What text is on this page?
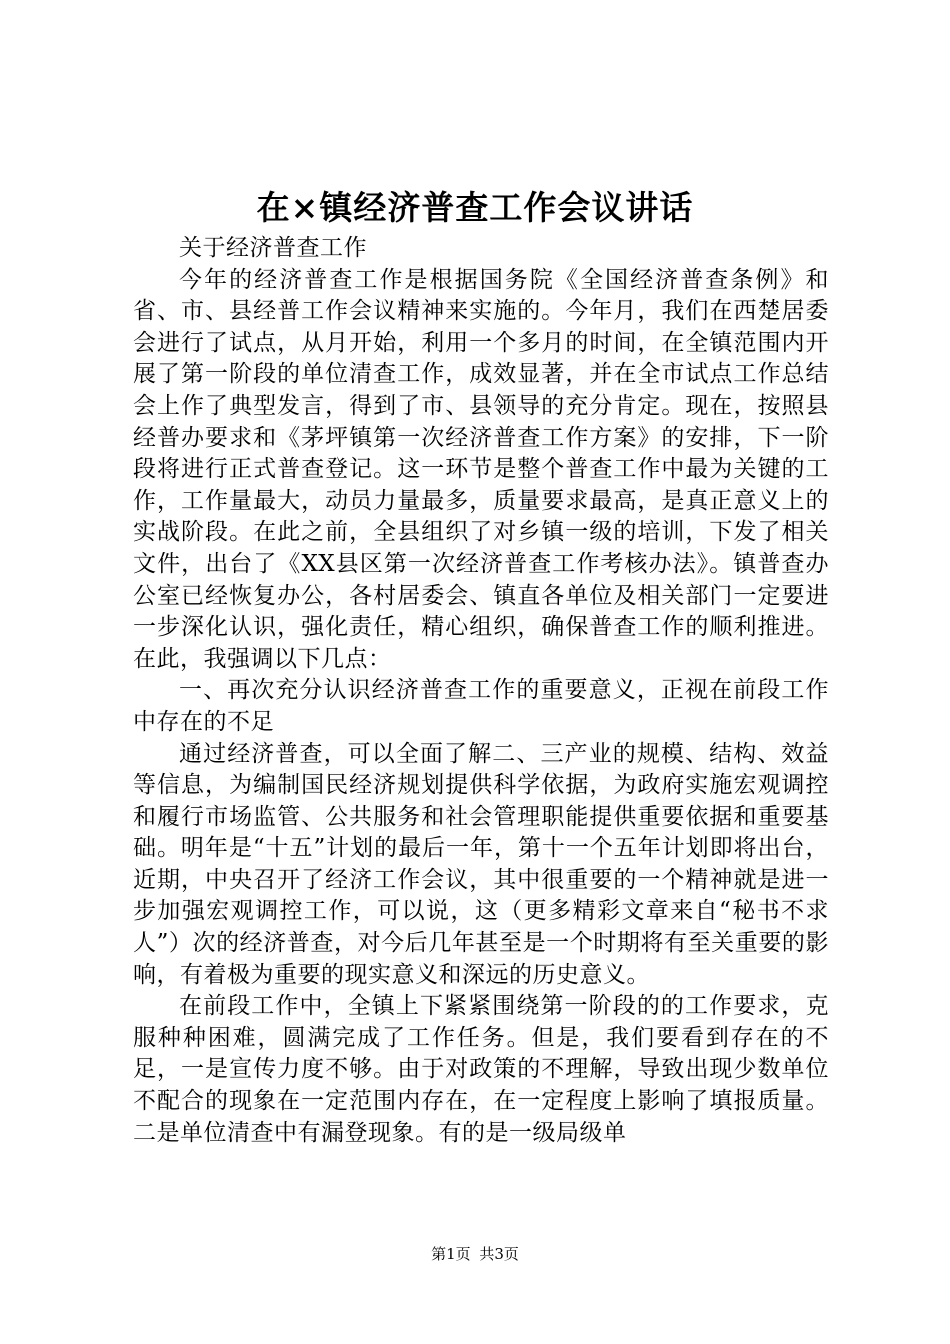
在×镇经济普查工作会议讲话

关于经济普查工作

今年的经济普查工作是根据国务院《全国经济普查条例》和省、市、县经普工作会议精神来实施的。今年月，我们在西楚居委会进行了试点，从月开始，利用一个多月的时间，在全镇范围内开展了第一阶段的单位清查工作，成效显著，并在全市试点工作总结会上作了典型发言，得到了市、县领导的充分肯定。现在，按照县经普办要求和《茅坪镇第一次经济普查工作方案》的安排，下一阶段将进行正式普查登记。这一环节是整个普查工作中最为关键的工作，工作量最大，动员力量最多，质量要求最高，是真正意义上的实战阶段。在此之前，全县组织了对乡镇一级的培训，下发了相关文件，出台了《XX县区第一次经济普查工作考核办法》。镇普查办公室已经恢复办公，各村居委会、镇直各单位及相关部门一定要进一步深化认识，强化责任，精心组织，确保普查工作的顺利推进。在此，我强调以下几点：

一、再次充分认识经济普查工作的重要意义，正视在前段工作中存在的不足

通过经济普查，可以全面了解二、三产业的规模、结构、效益等信息，为编制国民经济规划提供科学依据，为政府实施宏观调控和履行市场监管、公共服务和社会管理职能提供重要依据和重要基础。明年是“十五”计划的最后一年，第十一个五年计划即将出台，近期，中央召开了经济工作会议，其中很重要的一个精神就是进一步加强宏观调控工作，可以说，这（更多精彩文章来自“秘书不求人”）次的经济普查，对今后几年甚至是一个时期将有至关重要的影响，有着极为重要的现实意义和深远的历史意义。

在前段工作中，全镇上下紧紧围绕第一阶段的的工作要求，克服种种困难，圆满完成了工作任务。但是，我们要看到存在的不足，一是宣传力度不够。由于对政策的不理解，导致出现少数单位不配合的现象在一定范围内存在，在一定程度上影响了填报质量。二是单位清查中有漏登现象。有的是一级局级单

第1页 共3页
